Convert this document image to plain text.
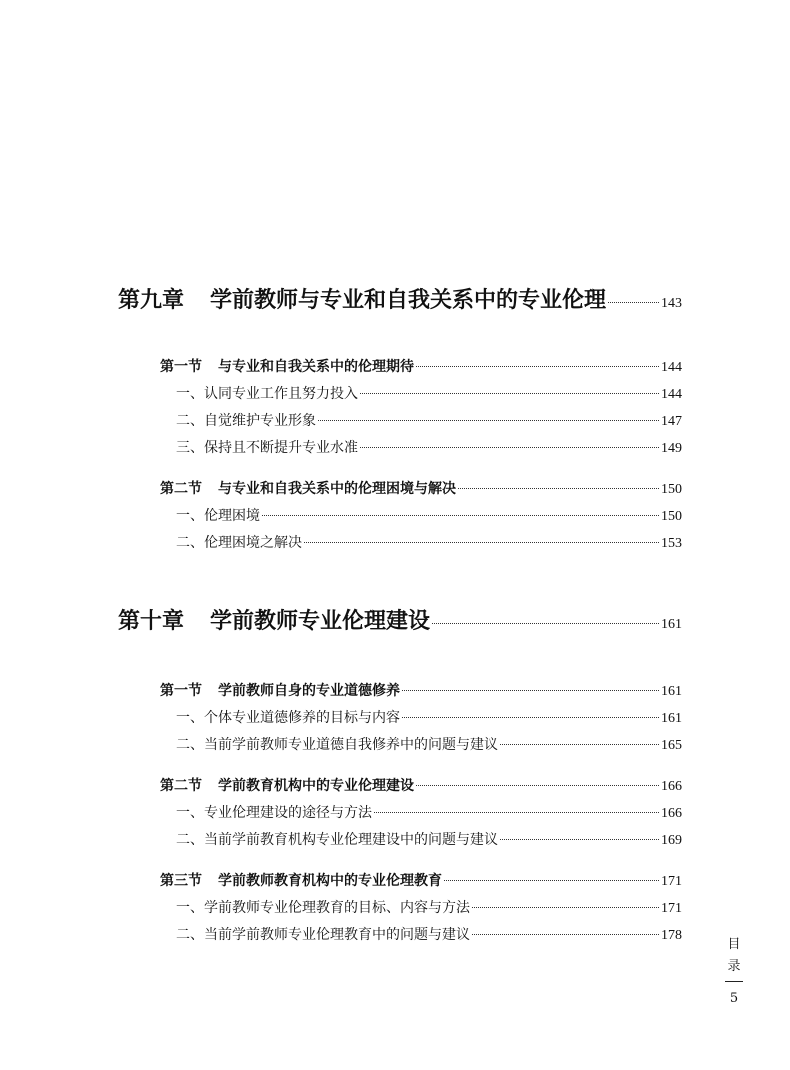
第九章 学前教师与专业和自我关系中的专业伦理	143
第一节 与专业和自我关系中的伦理期待	144
一、认同专业工作且努力投入	144
二、自觉维护专业形象	147
三、保持且不断提升专业水准	149
第二节 与专业和自我关系中的伦理困境与解决	150
一、伦理困境	150
二、伦理困境之解决	153
第十章 学前教师专业伦理建设	161
第一节 学前教师自身的专业道德修养	161
一、个体专业道德修养的目标与内容	161
二、当前学前教师专业道德自我修养中的问题与建议	165
第二节 学前教育机构中的专业伦理建设	166
一、专业伦理建设的途径与方法	166
二、当前学前教育机构专业伦理建设中的问题与建议	169
第三节 学前教师教育机构中的专业伦理教育	171
一、学前教师专业伦理教育的目标、内容与方法	171
二、当前学前教师专业伦理教育中的问题与建议	178
目
录
5
